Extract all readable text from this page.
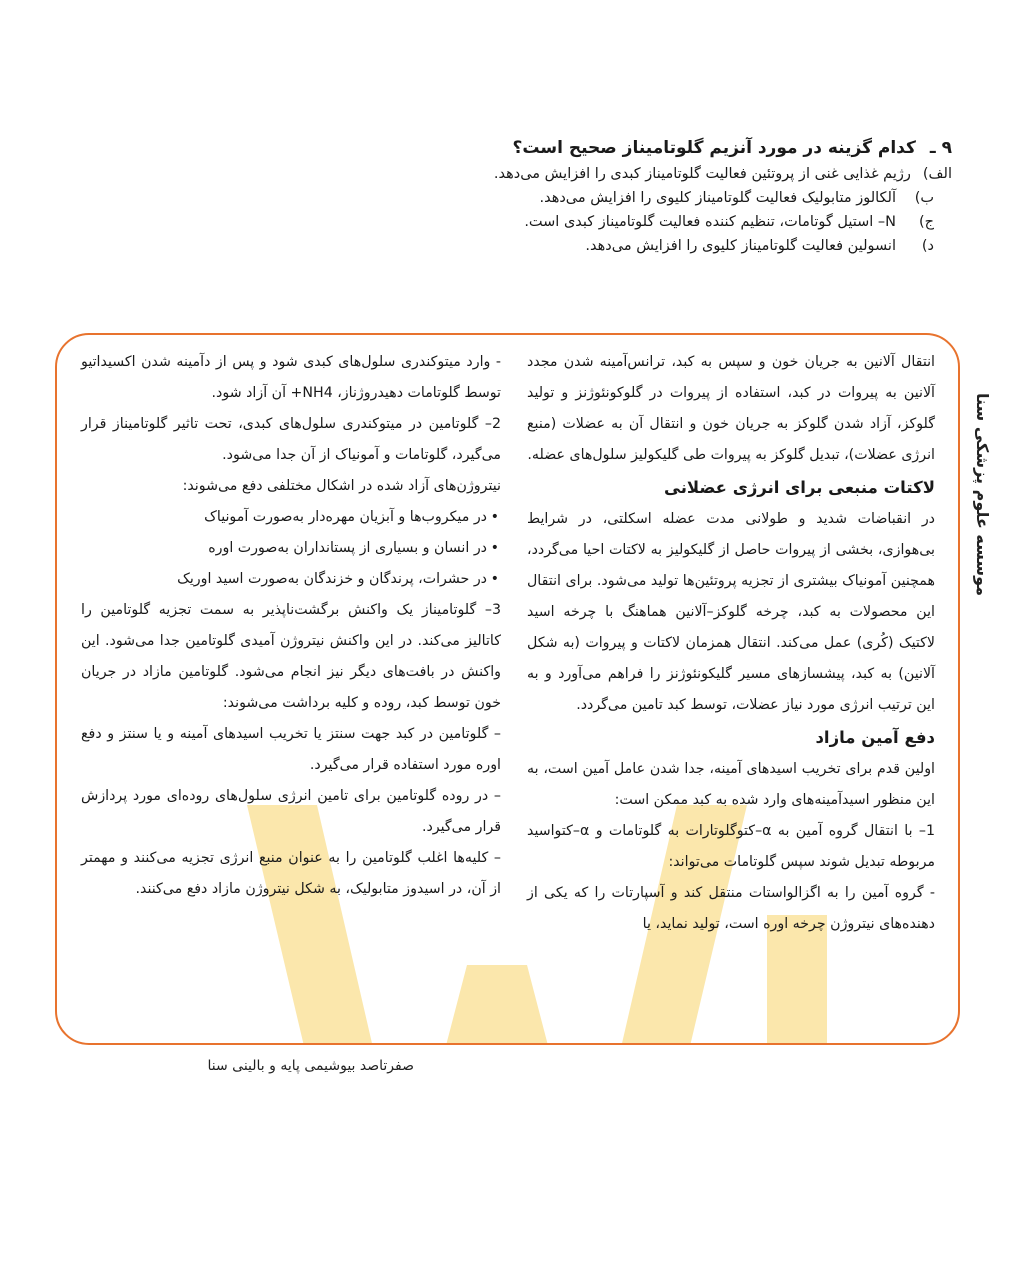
۹ ـ
کدام گزینه در مورد آنزیم گلوتامیناز صحیح است؟
الف)
رژیم غذایی غنی از پروتئین فعالیت گلوتامیناز کبدی را افزایش می‌دهد.
ب)
آلکالوز متابولیک فعالیت گلوتامیناز کلیوی را افزایش می‌دهد.
ج)
N– استیل گوتامات، تنظیم کننده فعالیت گلوتامیناز کبدی است.
د)
انسولین فعالیت گلوتامیناز کلیوی را افزایش می‌دهد.

انتقال آلانین به جریان خون و سپس به کبد، ترانس‌آمینه شدن مجدد آلانین به پیروات در کبد، استفاده از پیروات در گلوکونئوژنز و تولید گلوکز، آزاد شدن گلوکز به جریان خون و انتقال آن به عضلات (منبع انرژی عضلات)، تبدیل گلوکز به پیروات طی گلیکولیز سلول‌های عضله.

لاکتات منبعی برای انرژی عضلانی

در انقباضات شدید و طولانی مدت عضله اسکلتی، در شرایط بی‌هوازی، بخشی از پیروات حاصل از گلیکولیز به لاکتات احیا می‌گردد، همچنین آمونیاک بیشتری از تجزیه پروتئین‌ها تولید می‌شود. برای انتقال این محصولات به کبد، چرخه گلوکز–آلانین هماهنگ با چرخه اسید لاکتیک (کُری) عمل می‌کند. انتقال همزمان لاکتات و پیروات (به شکل آلانین) به کبد، پیشسازهای مسیر گلیکونئوژنز را فراهم می‌آورد و به این ترتیب انرژی مورد نیاز عضلات، توسط کبد تامین می‌گردد.

دفع آمین مازاد

اولین قدم برای تخریب اسیدهای آمینه، جدا شدن عامل آمین است، به این منظور اسیدآمینه‌های وارد شده به کبد ممکن است:

1– با انتقال گروه آمین به α–کتوگلوتارات به گلوتامات و α–کتواسید مربوطه تبدیل شوند سپس گلوتامات می‌تواند:

- گروه آمین را به اگزالواستات منتقل کند و آسپارتات را که یکی از دهنده‌های نیتروژن چرخه اوره است، تولید نماید، یا

- وارد میتوکندری سلول‌های کبدی شود و پس از دآمینه شدن اکسیداتیو توسط گلوتامات دهیدروژناز، NH4+ آن آزاد شود.

2– گلوتامین در میتوکندری سلول‌های کبدی، تحت تاثیر گلوتامیناز قرار می‌گیرد، گلوتامات و آمونیاک از آن جدا می‌شود.

نیتروژن‌های آزاد شده در اشکال مختلفی دفع می‌شوند:

• در میکروب‌ها و آبزیان مهره‌دار به‌صورت آمونیاک
• در انسان و بسیاری از پستانداران به‌صورت اوره
• در حشرات، پرندگان و خزندگان به‌صورت اسید اوریک

3– گلوتامیناز یک واکنش برگشت‌ناپذیر به سمت تجزیه گلوتامین را کاتالیز می‌کند. در این واکنش نیتروژن آمیدی گلوتامین جدا می‌شود. این واکنش در بافت‌های دیگر نیز انجام می‌شود. گلوتامین مازاد در جریان خون توسط کبد، روده و کلیه برداشت می‌شوند:

– گلوتامین در کبد جهت سنتز یا تخریب اسیدهای آمینه و یا سنتز و دفع اوره مورد استفاده قرار می‌گیرد.

– در روده گلوتامین برای تامین انرژی سلول‌های روده‌ای مورد پردازش قرار می‌گیرد.

– کلیه‌ها اغلب گلوتامین را به عنوان منبع انرژی تجزیه می‌کنند و مهمتر از آن، در اسیدوز متابولیک، به شکل نیتروژن مازاد دفع می‌کنند.

موسسه علوم پزشکی سنا
صفرتاصد بیوشیمی پایه و بالینی سنا
